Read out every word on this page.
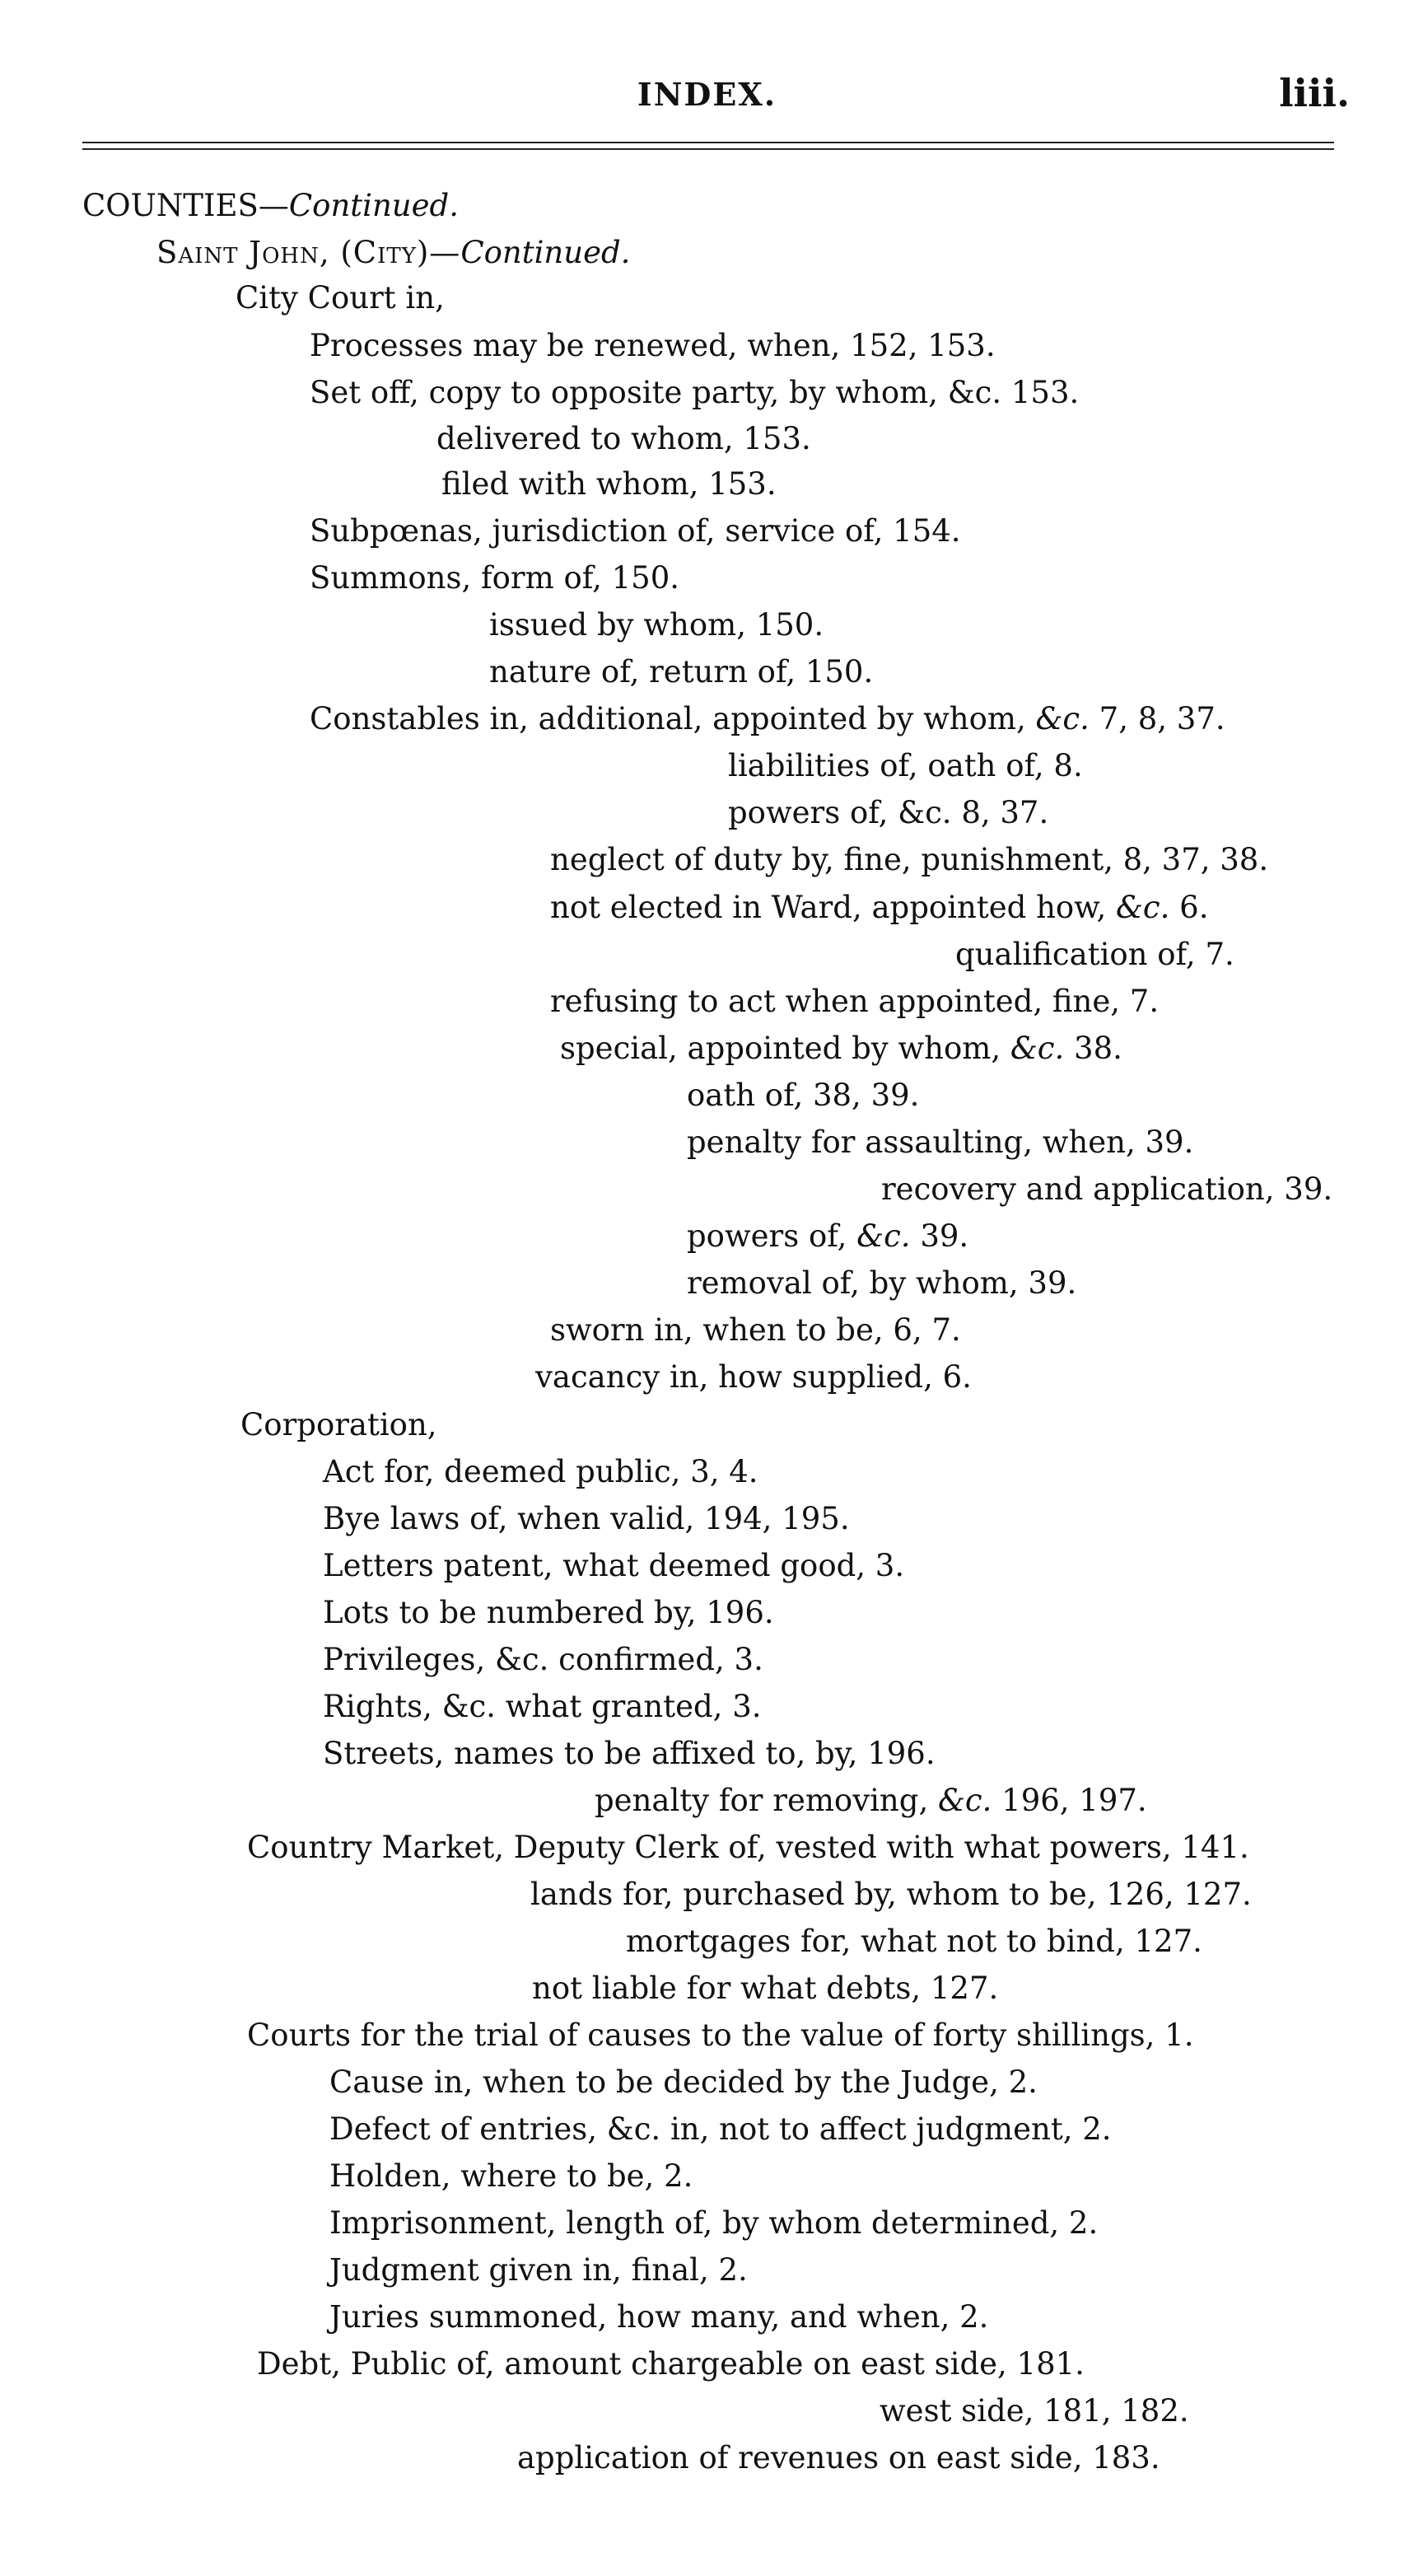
INDEX.	liii.
COUNTIES—Continued.
Saint John, (City)—Continued.
City Court in,
Processes may be renewed, when, 152, 153.
Set off, copy to opposite party, by whom, &c. 153.
delivered to whom, 153.
filed with whom, 153.
Subpœnas, jurisdiction of, service of, 154.
Summons, form of, 150.
issued by whom, 150.
nature of, return of, 150.
Constables in, additional, appointed by whom, &c. 7, 8, 37.
liabilities of, oath of, 8.
powers of, &c. 8, 37.
neglect of duty by, fine, punishment, 8, 37, 38.
not elected in Ward, appointed how, &c. 6.
qualification of, 7.
refusing to act when appointed, fine, 7.
special, appointed by whom, &c. 38.
oath of, 38, 39.
penalty for assaulting, when, 39.
recovery and application, 39.
powers of, &c. 39.
removal of, by whom, 39.
sworn in, when to be, 6, 7.
vacancy in, how supplied, 6.
Corporation,
Act for, deemed public, 3, 4.
Bye laws of, when valid, 194, 195.
Letters patent, what deemed good, 3.
Lots to be numbered by, 196.
Privileges, &c. confirmed, 3.
Rights, &c. what granted, 3.
Streets, names to be affixed to, by, 196.
penalty for removing, &c. 196, 197.
Country Market, Deputy Clerk of, vested with what powers, 141.
lands for, purchased by, whom to be, 126, 127.
mortgages for, what not to bind, 127.
not liable for what debts, 127.
Courts for the trial of causes to the value of forty shillings, 1.
Cause in, when to be decided by the Judge, 2.
Defect of entries, &c. in, not to affect judgment, 2.
Holden, where to be, 2.
Imprisonment, length of, by whom determined, 2.
Judgment given in, final, 2.
Juries summoned, how many, and when, 2.
Debt, Public of, amount chargeable on east side, 181.
west side, 181, 182.
application of revenues on east side, 183.
